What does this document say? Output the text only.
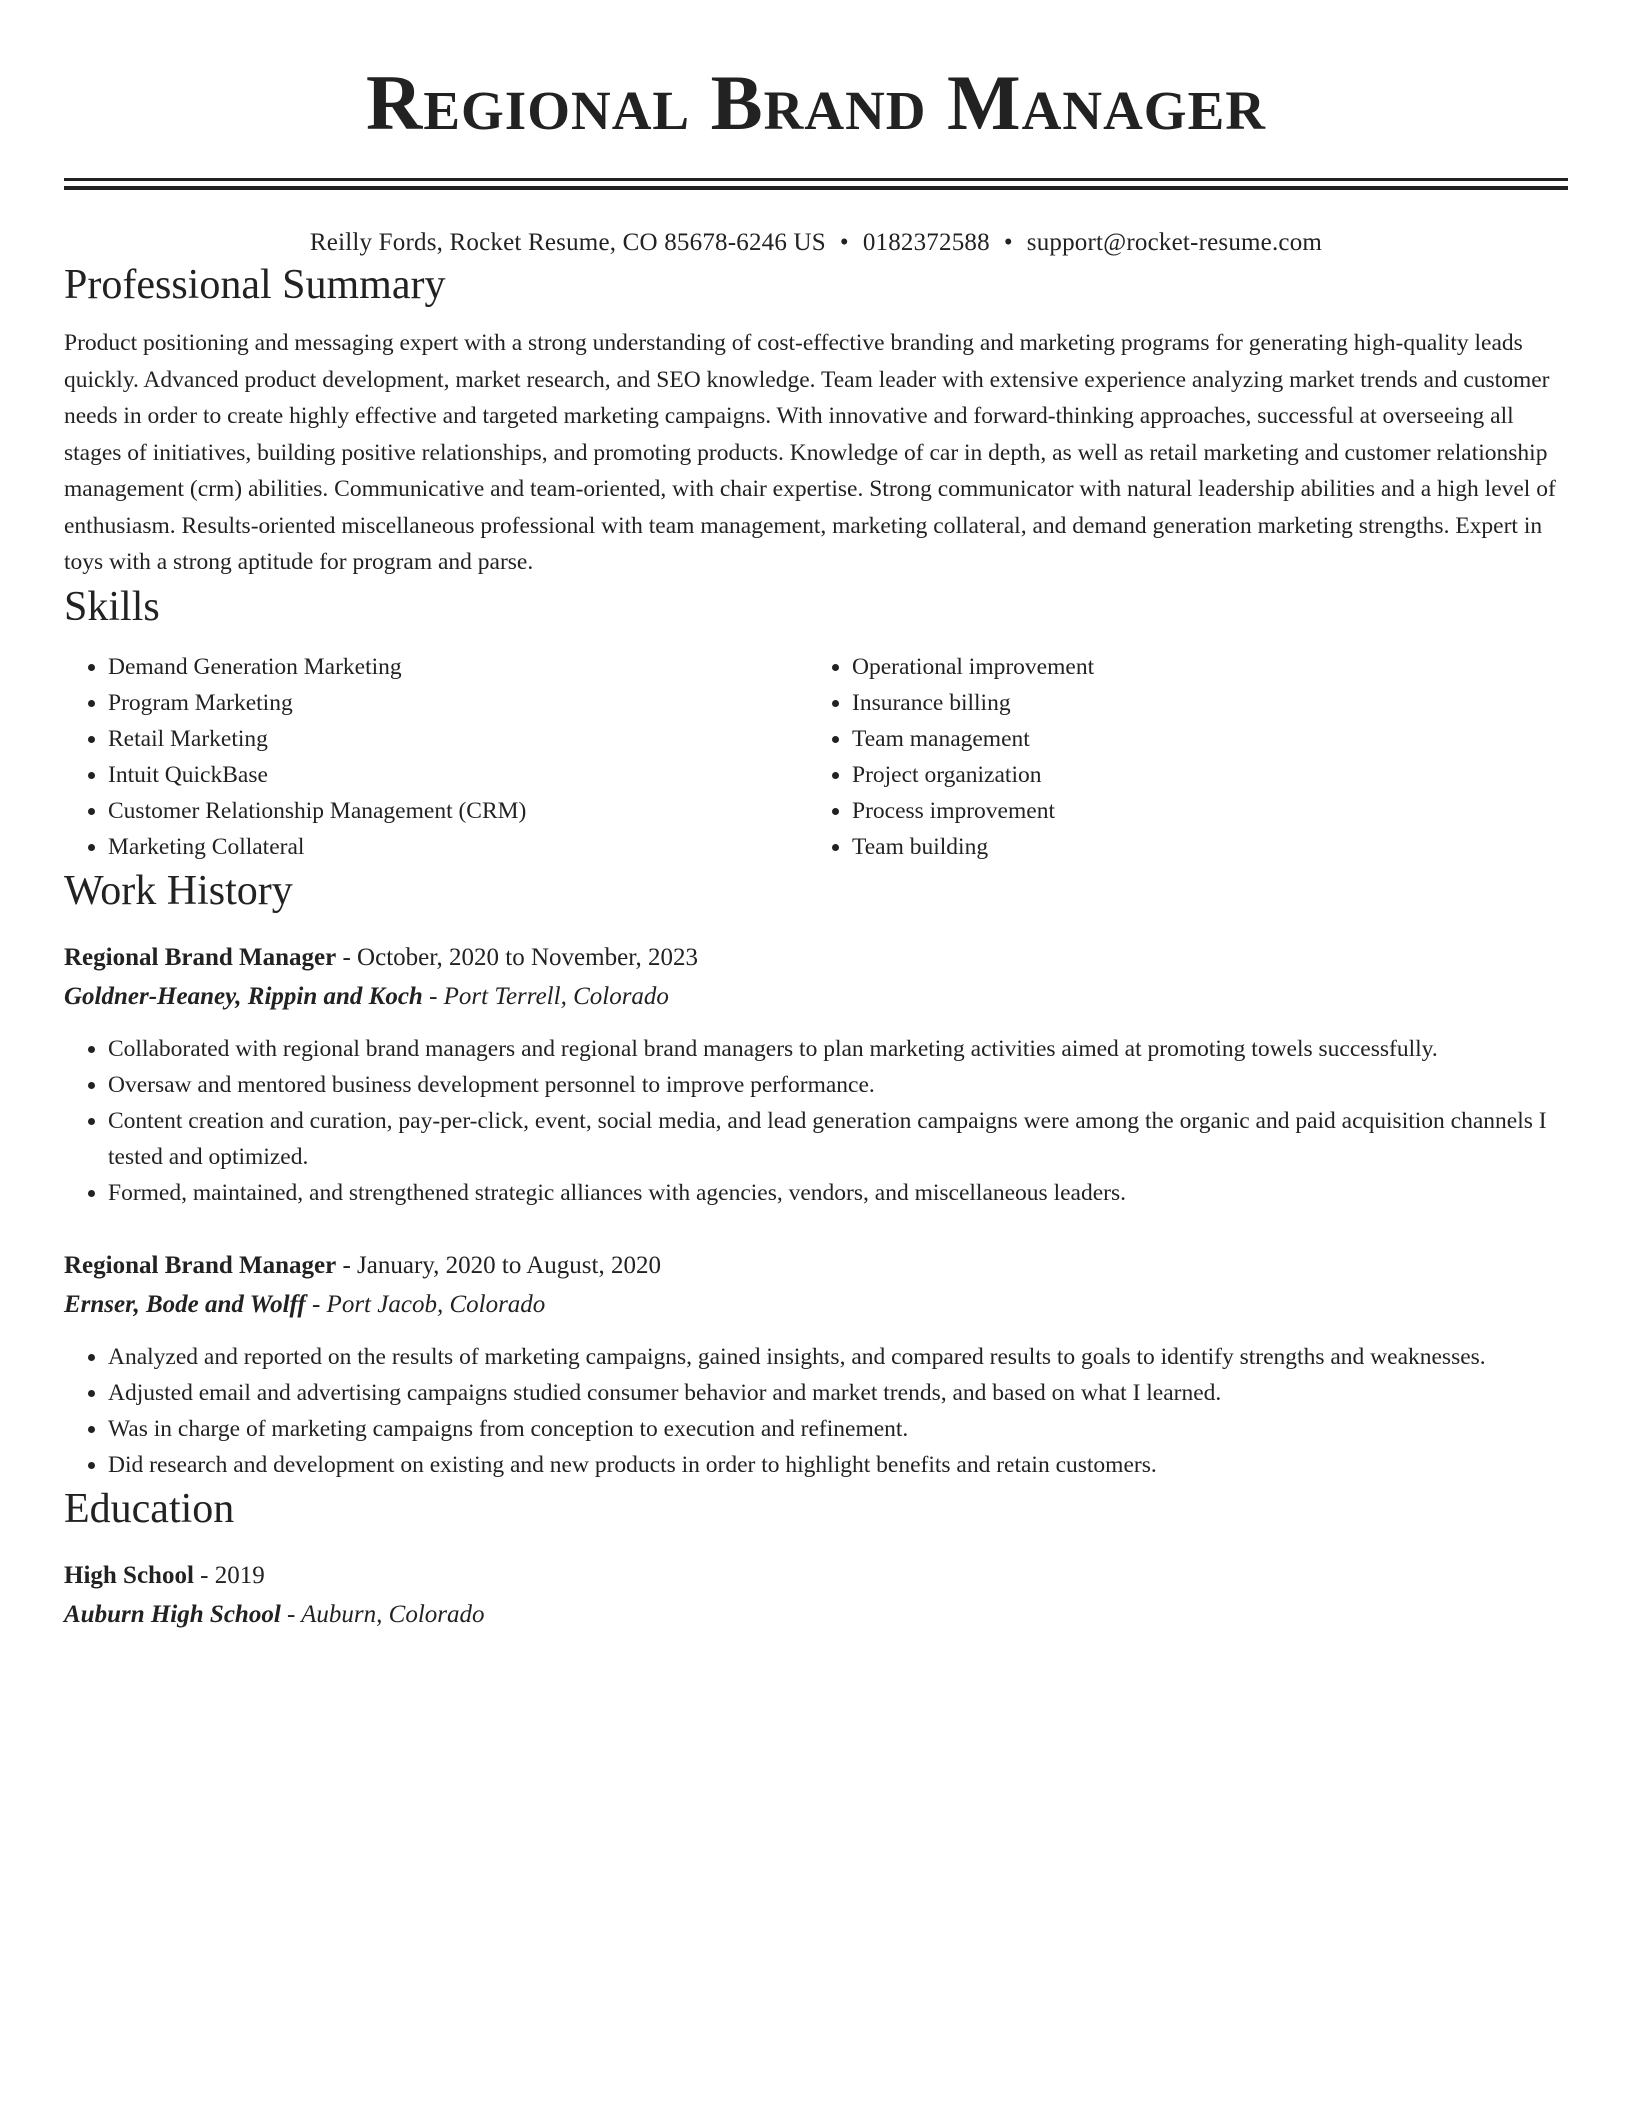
Regional Brand Manager
Reilly Fords, Rocket Resume, CO 85678-6246 US • 0182372588 • support@rocket-resume.com
Professional Summary
Product positioning and messaging expert with a strong understanding of cost-effective branding and marketing programs for generating high-quality leads quickly. Advanced product development, market research, and SEO knowledge. Team leader with extensive experience analyzing market trends and customer needs in order to create highly effective and targeted marketing campaigns. With innovative and forward-thinking approaches, successful at overseeing all stages of initiatives, building positive relationships, and promoting products. Knowledge of car in depth, as well as retail marketing and customer relationship management (crm) abilities. Communicative and team-oriented, with chair expertise. Strong communicator with natural leadership abilities and a high level of enthusiasm. Results-oriented miscellaneous professional with team management, marketing collateral, and demand generation marketing strengths. Expert in toys with a strong aptitude for program and parse.
Skills
• Demand Generation Marketing
• Program Marketing
• Retail Marketing
• Intuit QuickBase
• Customer Relationship Management (CRM)
• Marketing Collateral
• Operational improvement
• Insurance billing
• Team management
• Project organization
• Process improvement
• Team building
Work History
Regional Brand Manager - October, 2020 to November, 2023
Goldner-Heaney, Rippin and Koch - Port Terrell, Colorado
• Collaborated with regional brand managers and regional brand managers to plan marketing activities aimed at promoting towels successfully.
• Oversaw and mentored business development personnel to improve performance.
• Content creation and curation, pay-per-click, event, social media, and lead generation campaigns were among the organic and paid acquisition channels I tested and optimized.
• Formed, maintained, and strengthened strategic alliances with agencies, vendors, and miscellaneous leaders.
Regional Brand Manager - January, 2020 to August, 2020
Ernser, Bode and Wolff - Port Jacob, Colorado
• Analyzed and reported on the results of marketing campaigns, gained insights, and compared results to goals to identify strengths and weaknesses.
• Adjusted email and advertising campaigns studied consumer behavior and market trends, and based on what I learned.
• Was in charge of marketing campaigns from conception to execution and refinement.
• Did research and development on existing and new products in order to highlight benefits and retain customers.
Education
High School - 2019
Auburn High School - Auburn, Colorado
